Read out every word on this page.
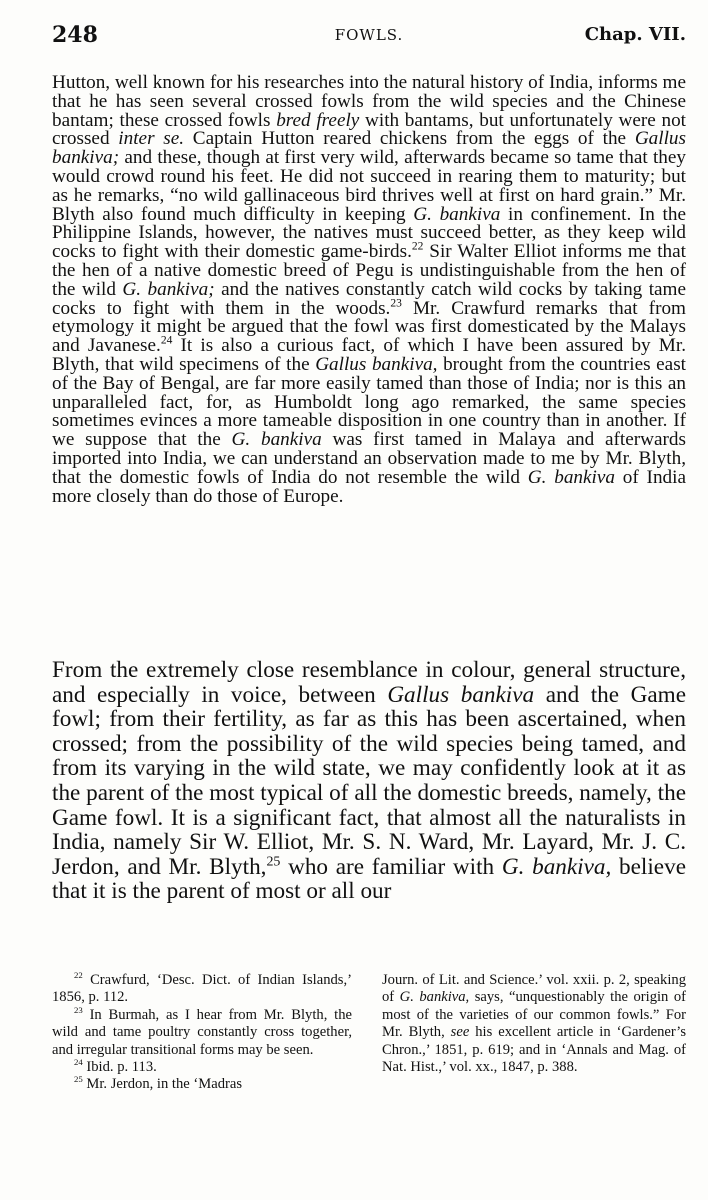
248	FOWLS.	Chap. VII.

Hutton, well known for his researches into the natural history of India, informs me that he has seen several crossed fowls from the wild species and the Chinese bantam; these crossed fowls bred freely with bantams, but unfortunately were not crossed inter se. Captain Hutton reared chickens from the eggs of the Gallus bankiva; and these, though at first very wild, afterwards became so tame that they would crowd round his feet. He did not succeed in rearing them to maturity; but as he remarks, “no wild gallinaceous bird thrives well at first on hard grain.” Mr. Blyth also found much difficulty in keeping G. bankiva in confinement. In the Philippine Islands, however, the natives must succeed better, as they keep wild cocks to fight with their domestic game-birds.$^{22}$ Sir Walter Elliot informs me that the hen of a native domestic breed of Pegu is undistinguishable from the hen of the wild G. bankiva; and the natives constantly catch wild cocks by taking tame cocks to fight with them in the woods.$^{23}$ Mr. Crawfurd remarks that from etymology it might be argued that the fowl was first domesticated by the Malays and Javanese.$^{24}$ It is also a curious fact, of which I have been assured by Mr. Blyth, that wild specimens of the Gallus bankiva, brought from the countries east of the Bay of Bengal, are far more easily tamed than those of India; nor is this an unparalleled fact, for, as Humboldt long ago remarked, the same species sometimes evinces a more tameable disposition in one country than in another. If we suppose that the G. bankiva was first tamed in Malaya and afterwards imported into India, we can understand an observation made to me by Mr. Blyth, that the domestic fowls of India do not resemble the wild G. bankiva of India more closely than do those of Europe.

From the extremely close resemblance in colour, general structure, and especially in voice, between Gallus bankiva and the Game fowl; from their fertility, as far as this has been ascertained, when crossed; from the possibility of the wild species being tamed, and from its varying in the wild state, we may confidently look at it as the parent of the most typical of all the domestic breeds, namely, the Game fowl. It is a significant fact, that almost all the naturalists in India, namely Sir W. Elliot, Mr. S. N. Ward, Mr. Layard, Mr. J. C. Jerdon, and Mr. Blyth,$^{25}$ who are familiar with G. bankiva, believe that it is the parent of most or all our

$^{22}$ Crawfurd, ‘Desc. Dict. of Indian Islands,’ 1856, p. 112.

$^{23}$ In Burmah, as I hear from Mr. Blyth, the wild and tame poultry constantly cross together, and irregular transitional forms may be seen.

$^{24}$ Ibid. p. 113.

$^{25}$ Mr. Jerdon, in the ‘Madras

Journ. of Lit. and Science.’ vol. xxii. p. 2, speaking of G. bankiva, says, “unquestionably the origin of most of the varieties of our common fowls.” For Mr. Blyth, see his excellent article in ‘Gardener’s Chron.,’ 1851, p. 619; and in ‘Annals and Mag. of Nat. Hist.,’ vol. xx., 1847, p. 388.
